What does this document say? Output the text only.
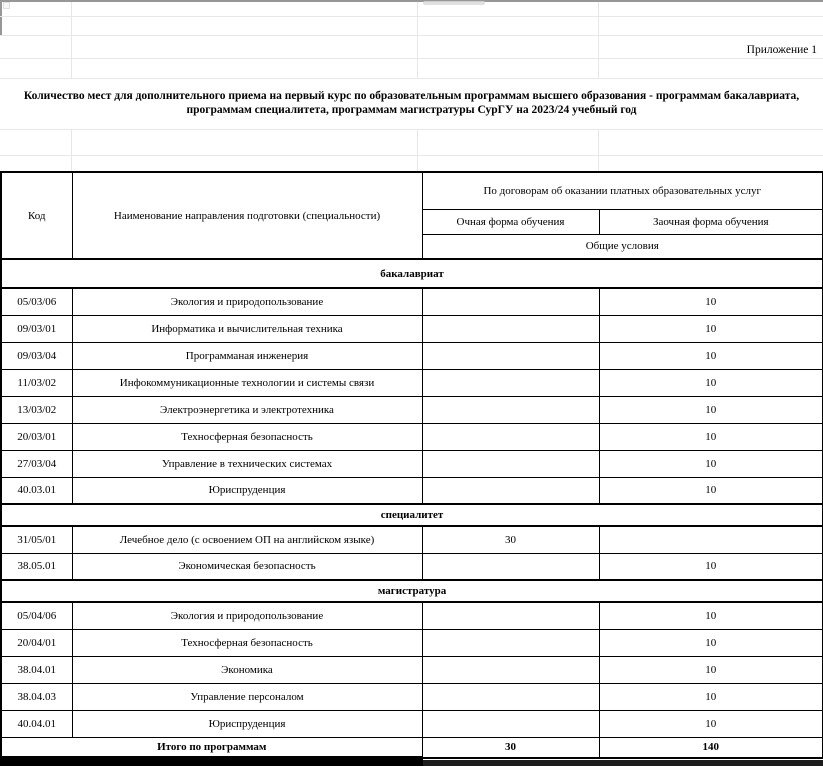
Приложение 1
Количество мест для дополнительного приема на первый курс по образовательным программам высшего образования - программам бакалавриата, программам специалитета, программам магистратуры СурГУ на 2023/24 учебный год
Код	Наименование направления подготовки (специальности)	По договорам об оказании платных образовательных услуг	
		Очная форма обучения	Заочная форма обучения
		Общие условия	
бакалавриат			
05/03/06	Экология и природопользование		10
09/03/01	Информатика и вычислительная техника		10
09/03/04	Программаная инженерия		10
11/03/02	Инфокоммуникационные технологии и системы связи		10
13/03/02	Электроэнергетика и электротехника		10
20/03/01	Техносферная безопасность		10
27/03/04	Управление в технических системах		10
40.03.01	Юриспруденция		10
специалитет			
31/05/01	Лечебное дело (с освоением ОП на английском языке)	30	
38.05.01	Экономическая безопасность		10
магистратура			
05/04/06	Экология и природопользование		10
20/04/01	Техносферная безопасность		10
38.04.01	Экономика		10
38.04.03	Управление персоналом		10
40.04.01	Юриспруденция		10
Итого по программам		30	140
